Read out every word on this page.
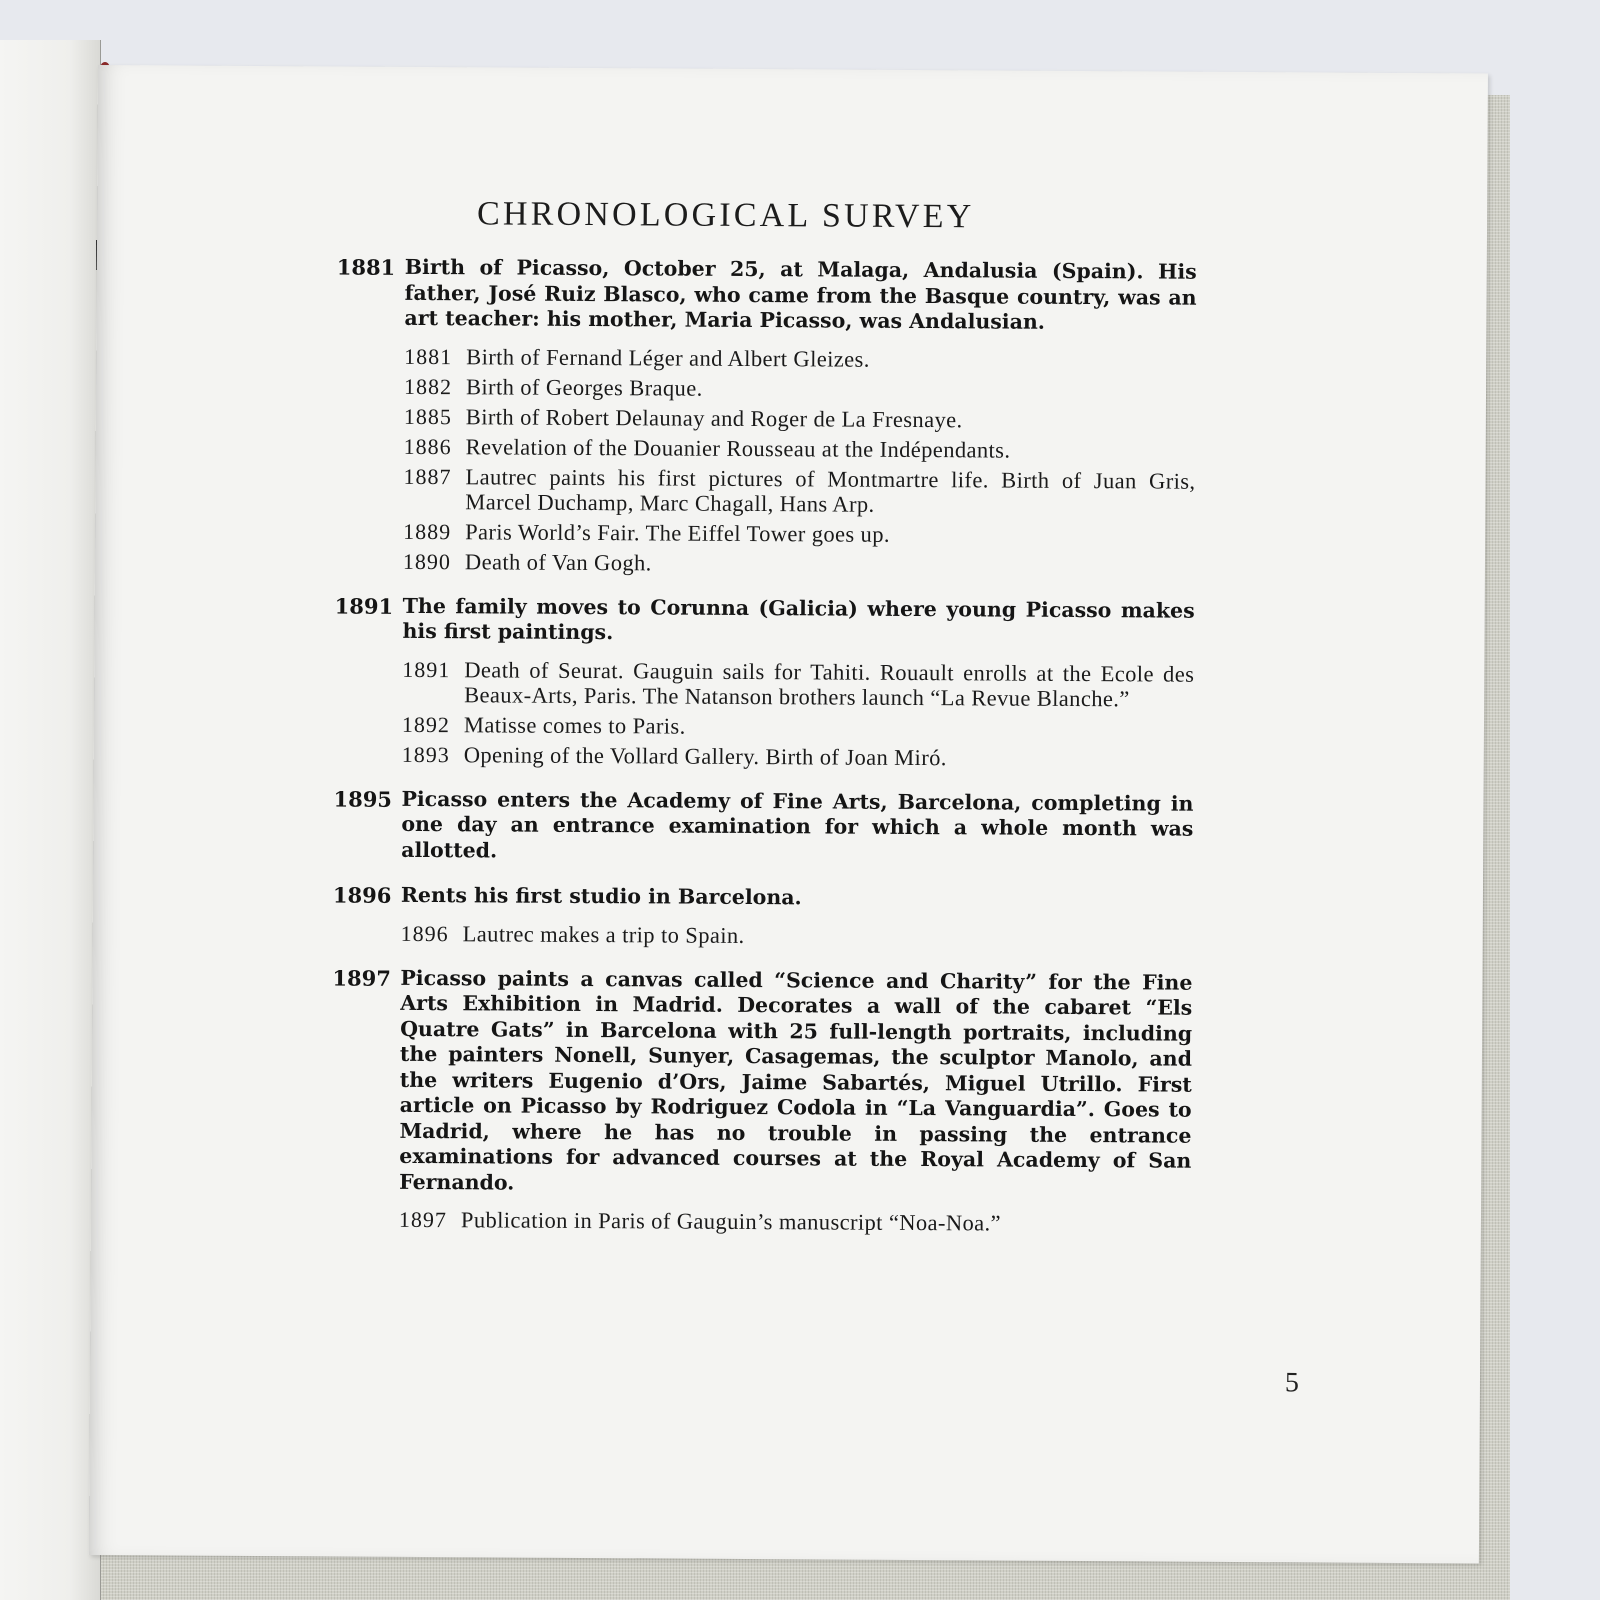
CHRONOLOGICAL SURVEY
1881 Birth of Picasso, October 25, at Malaga, Andalusia (Spain). His father, José Ruiz Blasco, who came from the Basque country, was an art teacher: his mother, Maria Picasso, was Andalusian.
1881 Birth of Fernand Léger and Albert Gleizes.
1882 Birth of Georges Braque.
1885 Birth of Robert Delaunay and Roger de La Fresnaye.
1886 Revelation of the Douanier Rousseau at the Indépendants.
1887 Lautrec paints his first pictures of Montmartre life. Birth of Juan Gris, Marcel Duchamp, Marc Chagall, Hans Arp.
1889 Paris World’s Fair. The Eiffel Tower goes up.
1890 Death of Van Gogh.
1891 The family moves to Corunna (Galicia) where young Picasso makes his first paintings.
1891 Death of Seurat. Gauguin sails for Tahiti. Rouault enrolls at the Ecole des Beaux-Arts, Paris. The Natanson brothers launch “La Revue Blanche.”
1892 Matisse comes to Paris.
1893 Opening of the Vollard Gallery. Birth of Joan Miró.
1895 Picasso enters the Academy of Fine Arts, Barcelona, completing in one day an entrance examination for which a whole month was allotted.
1896 Rents his first studio in Barcelona.
1896 Lautrec makes a trip to Spain.
1897 Picasso paints a canvas called “Science and Charity” for the Fine Arts Exhibition in Madrid. Decorates a wall of the cabaret “Els Quatre Gats” in Barcelona with 25 full-length portraits, including the painters Nonell, Sunyer, Casagemas, the sculptor Manolo, and the writers Eugenio d’Ors, Jaime Sabartés, Miguel Utrillo. First article on Picasso by Rodriguez Codola in “La Vanguardia”. Goes to Madrid, where he has no trouble in passing the entrance examinations for advanced courses at the Royal Academy of San Fernando.
1897 Publication in Paris of Gauguin’s manuscript “Noa-Noa.”
5
